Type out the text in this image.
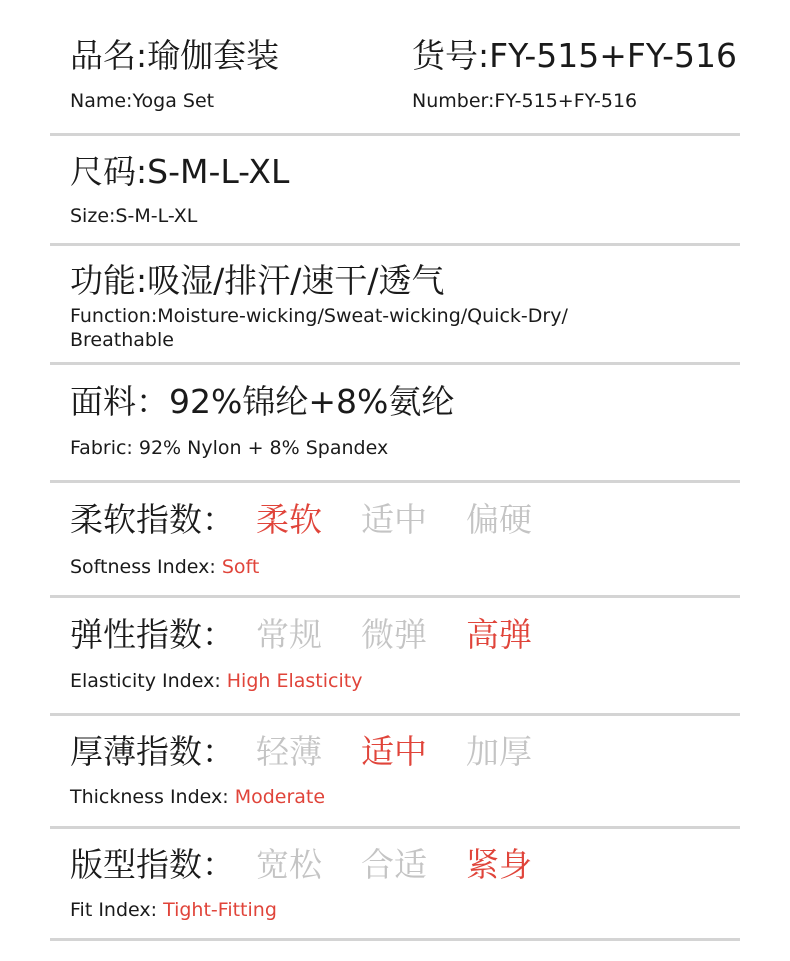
品名:瑜伽套装
Name:Yoga Set
货号:FY-515+FY-516
Number:FY-515+FY-516
尺码:S-M-L-XL
Size:S-M-L-XL
功能:吸湿/排汗/速干/透气
Function:Moisture-wicking/Sweat-wicking/Quick-Dry/
Breathable
面料：92%锦纶+8%氨纶
Fabric: 92% Nylon + 8% Spandex
柔软指数： 柔软 适中 偏硬
Softness Index: Soft
弹性指数： 常规 微弹 高弹
Elasticity Index: High Elasticity
厚薄指数： 轻薄 适中 加厚
Thickness Index: Moderate
版型指数： 宽松 合适 紧身
Fit Index: Tight-Fitting
